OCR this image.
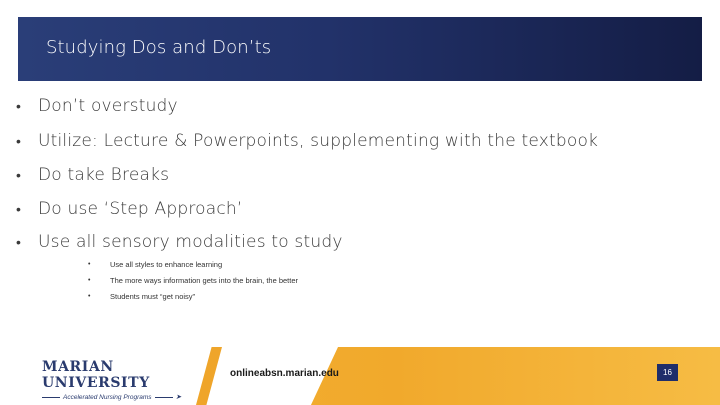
Studying Dos and Don’ts
• Don’t overstudy
• Utilize: Lecture & Powerpoints, supplementing with the textbook
• Do take Breaks
• Do use ‘Step Approach’
• Use all sensory modalities to study
•	Use all styles to enhance learning
•	The more ways information gets into the brain, the better
•	Students must “get noisy”
MARIAN UNIVERSITY
Accelerated Nursing Programs	➤
onlineabsn.marian.edu	16
